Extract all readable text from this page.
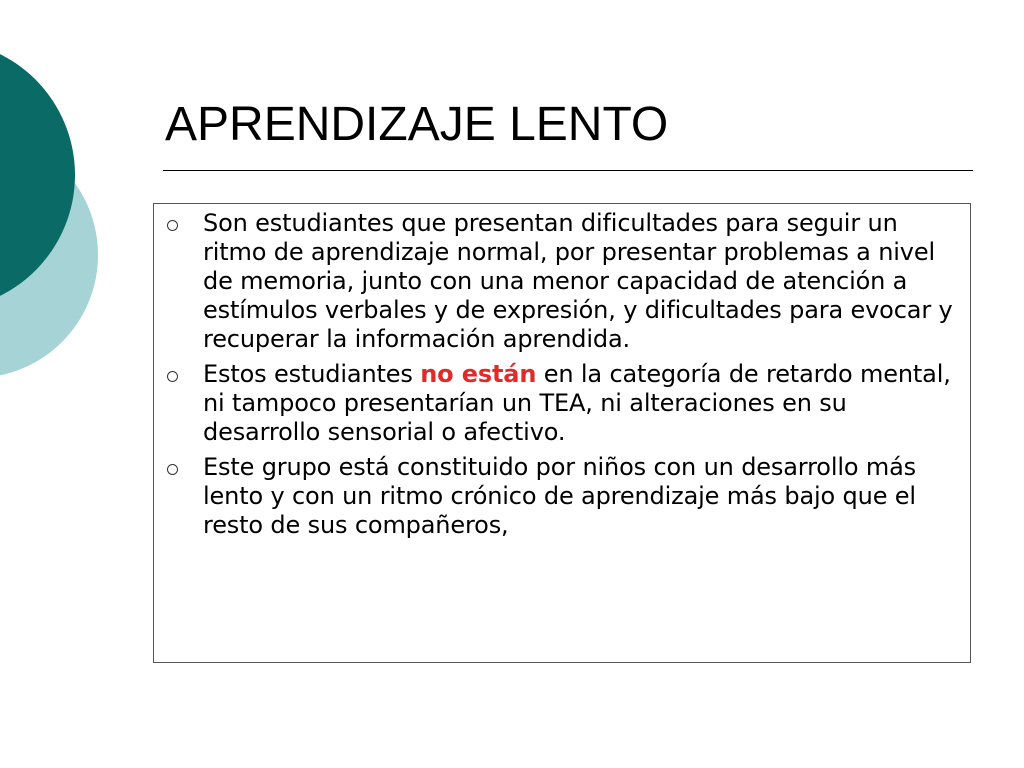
APRENDIZAJE LENTO
Son estudiantes que presentan dificultades para seguir un ritmo de aprendizaje normal, por presentar problemas a nivel de memoria, junto con una menor capacidad de atención a estímulos verbales y de expresión, y dificultades para evocar y recuperar la información aprendida.
Estos estudiantes no están en la categoría de retardo mental, ni tampoco presentarían un TEA, ni alteraciones en su desarrollo sensorial o afectivo.
Este grupo está constituido por niños con un desarrollo más lento y con un ritmo crónico de aprendizaje más bajo que el resto de sus compañeros,
